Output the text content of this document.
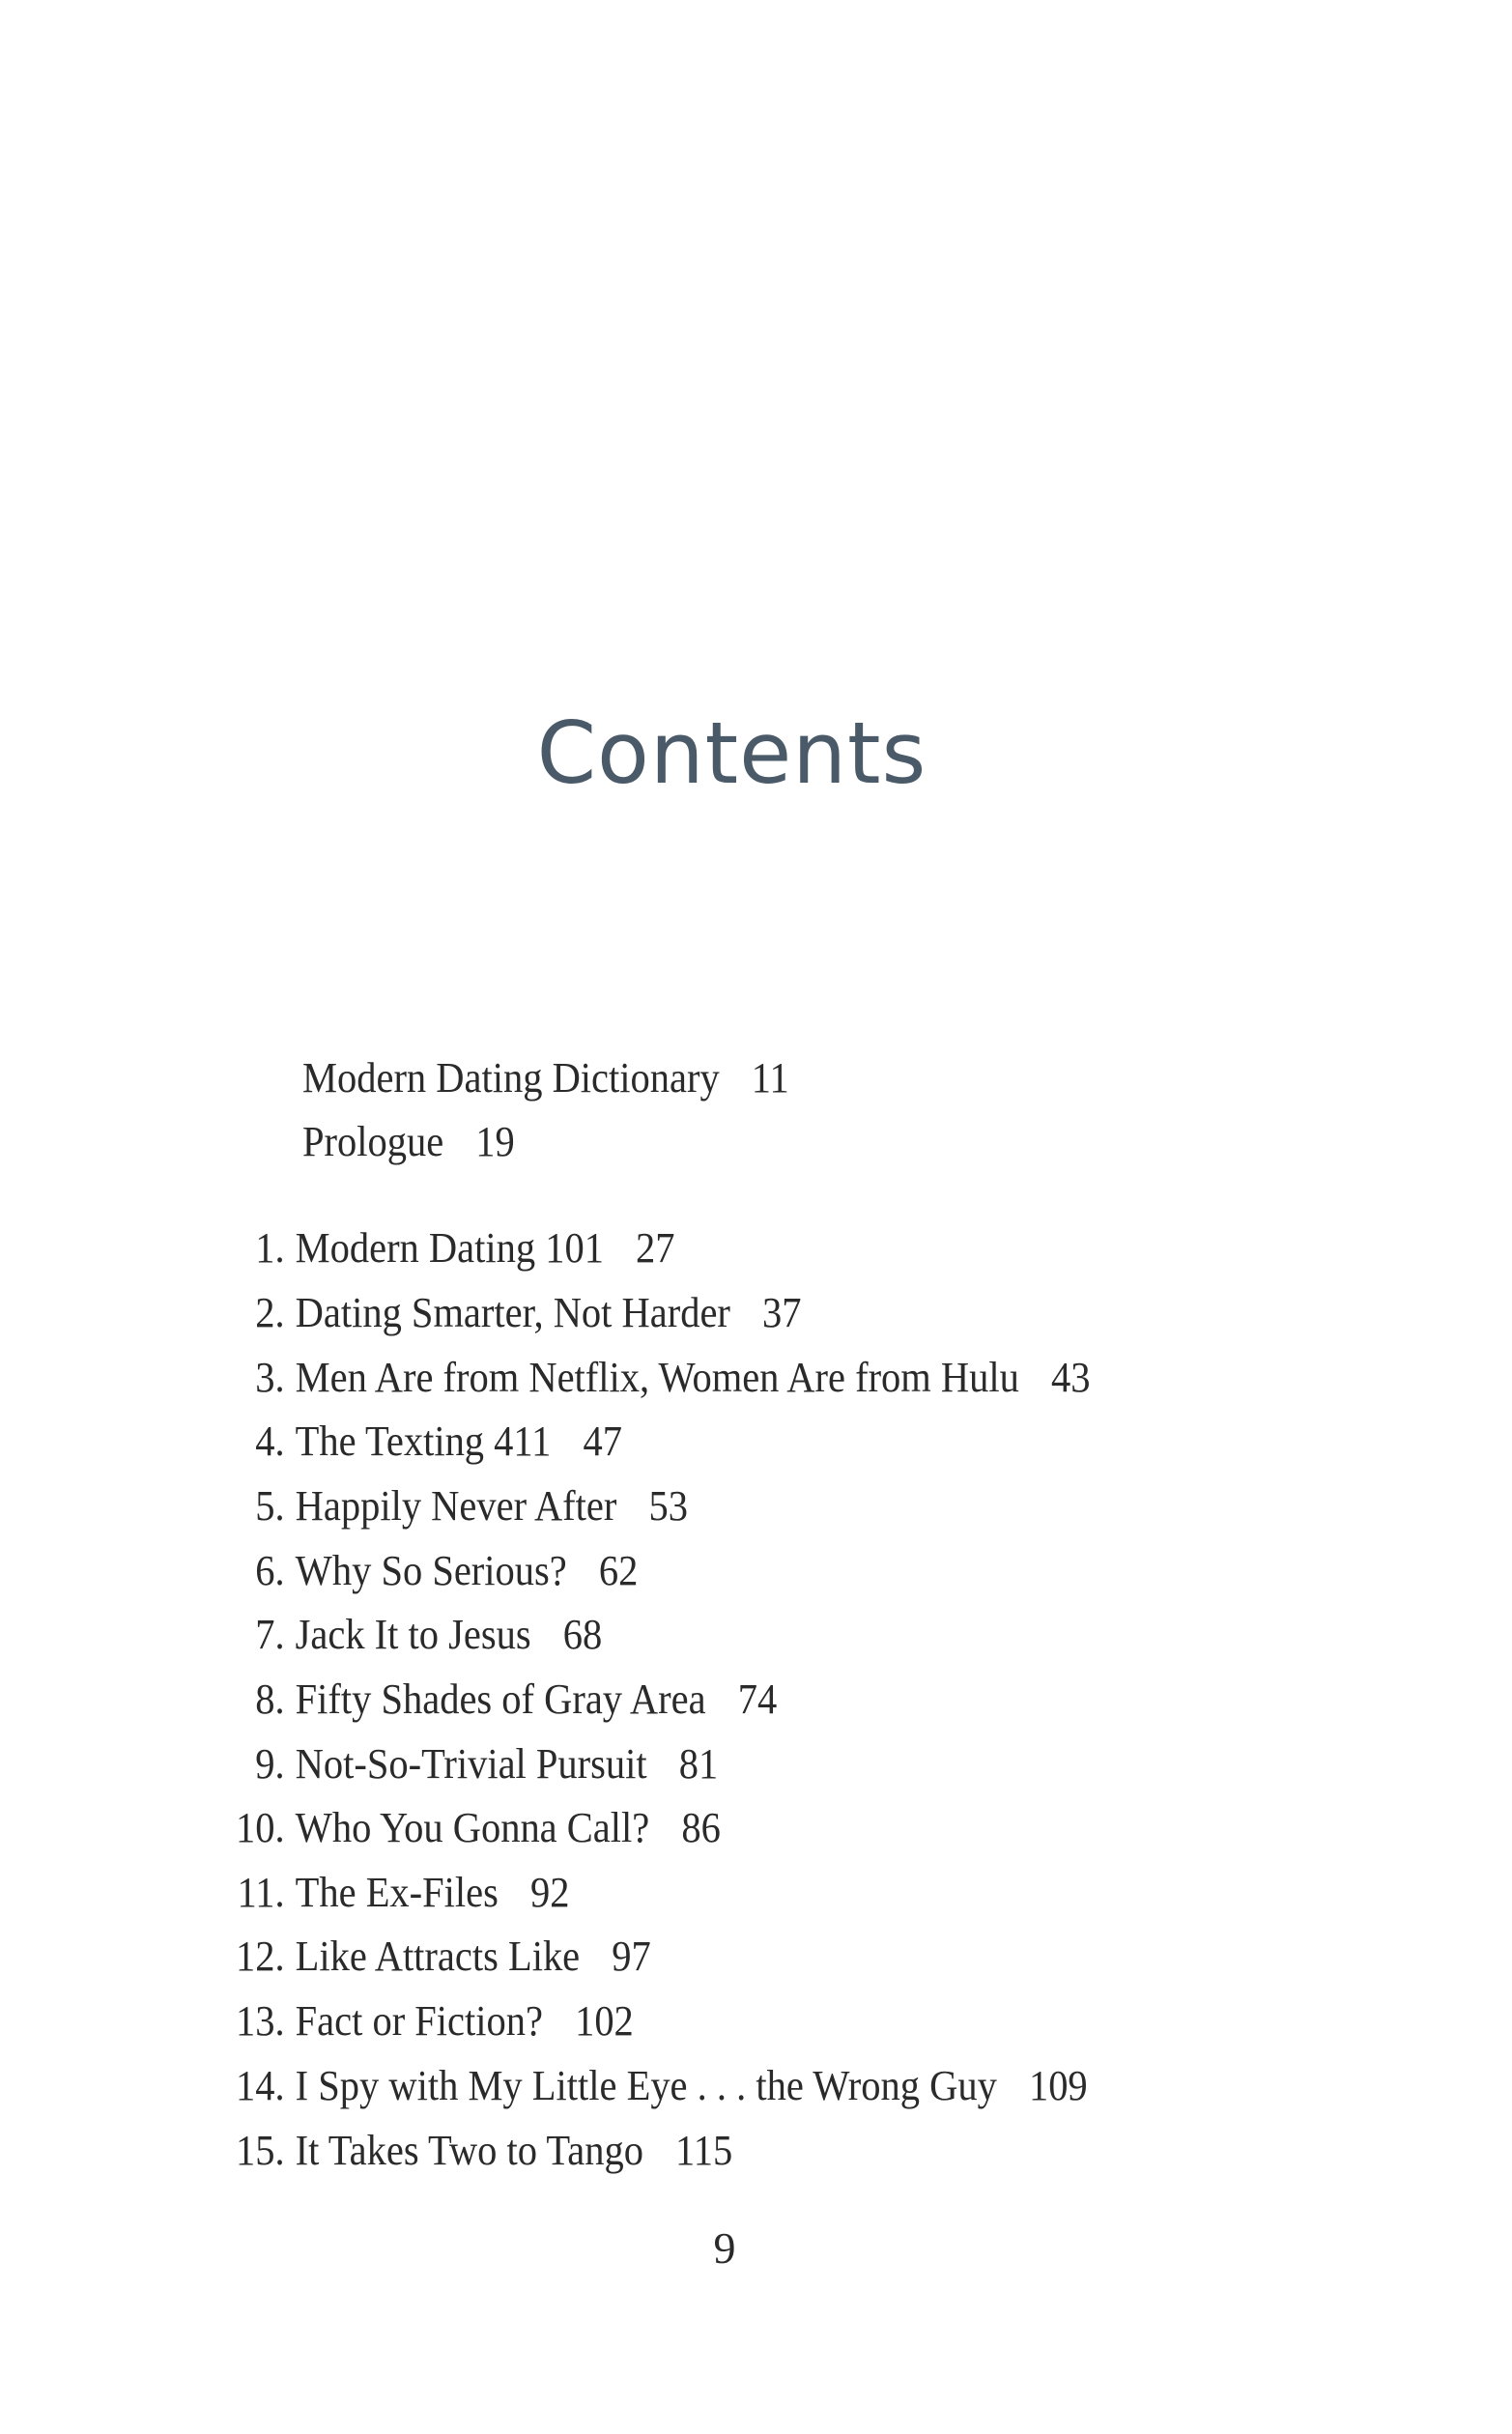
Contents
Modern Dating Dictionary 11
Prologue 19
1. Modern Dating 101 27
2. Dating Smarter, Not Harder 37
3. Men Are from Netflix, Women Are from Hulu 43
4. The Texting 411 47
5. Happily Never After 53
6. Why So Serious? 62
7. Jack It to Jesus 68
8. Fifty Shades of Gray Area 74
9. Not-So-Trivial Pursuit 81
10. Who You Gonna Call? 86
11. The Ex-Files 92
12. Like Attracts Like 97
13. Fact or Fiction? 102
14. I Spy with My Little Eye . . . the Wrong Guy 109
15. It Takes Two to Tango 115
9
